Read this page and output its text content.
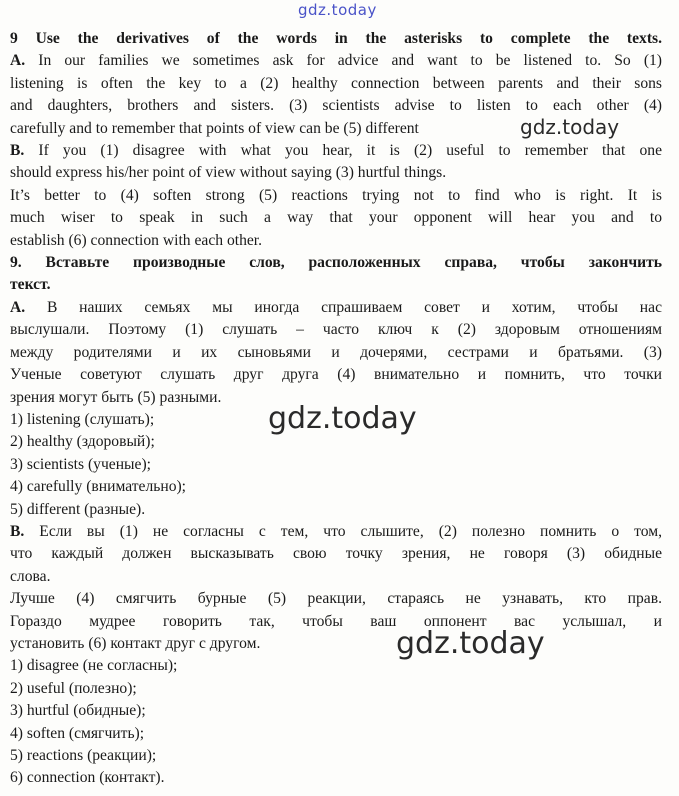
gdz.today

9 Use the derivatives of the words in the asterisks to complete the texts.

A. In our families we sometimes ask for advice and want to be listened to. So (1)

listening is often the key to a (2) healthy connection between parents and their sons

and daughters, brothers and sisters. (3) scientists advise to listen to each other (4)

carefully and to remember that points of view can be (5) different

B. If you (1) disagree with what you hear, it is (2) useful to remember that one

should express his/her point of view without saying (3) hurtful things.

It’s better to (4) soften strong (5) reactions trying not to find who is right. It is

much wiser to speak in such a way that your opponent will hear you and to

establish (6) connection with each other.

9. Вставьте производные слов, расположенных справа, чтобы закончить

текст.

А. В наших семьях мы иногда спрашиваем совет и хотим, чтобы нас

выслушали. Поэтому (1) слушать – часто ключ к (2) здоровым отношениям

между родителями и их сыновьями и дочерями, сестрами и братьями. (3)

Ученые советуют слушать друг друга (4) внимательно и помнить, что точки

зрения могут быть (5) разными.

1) listening (слушать);

2) healthy (здоровый);

3) scientists (ученые);

4) carefully (внимательно);

5) different (разные).

В. Если вы (1) не согласны с тем, что слышите, (2) полезно помнить о том,

что каждый должен высказывать свою точку зрения, не говоря (3) обидные

слова.

Лучше (4) смягчить бурные (5) реакции, стараясь не узнавать, кто прав.

Гораздо мудрее говорить так, чтобы ваш оппонент вас услышал, и

установить (6) контакт друг с другом.

1) disagree (не согласны);

2) useful (полезно);

3) hurtful (обидные);

4) soften (смягчить);

5) reactions (реакции);

6) connection (контакт).

gdz.today
gdz.today
gdz.today
